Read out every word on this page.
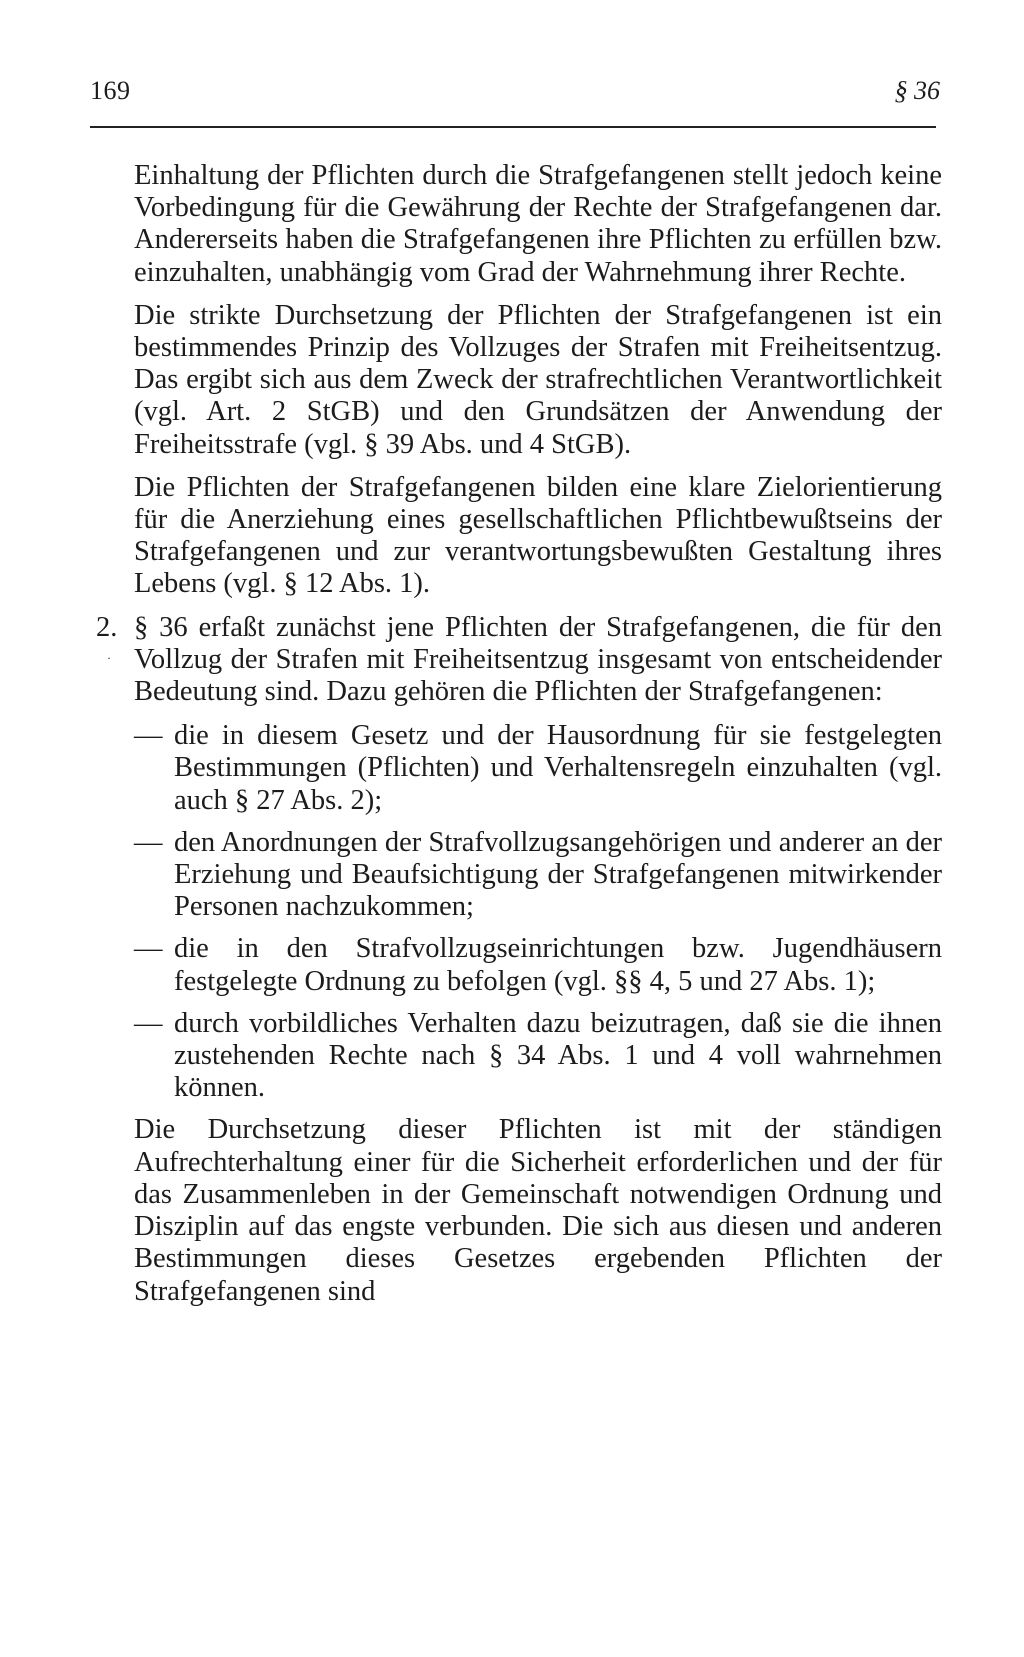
169	§ 36

Einhaltung der Pflichten durch die Strafgefangenen stellt jedoch keine Vorbedingung für die Gewährung der Rechte der Strafgefangenen dar. Andererseits haben die Strafgefangenen ihre Pflichten zu erfüllen bzw. einzuhalten, unabhängig vom Grad der Wahrnehmung ihrer Rechte.

Die strikte Durchsetzung der Pflichten der Strafgefangenen ist ein bestimmendes Prinzip des Vollzuges der Strafen mit Freiheitsentzug. Das ergibt sich aus dem Zweck der strafrechtlichen Verantwortlichkeit (vgl. Art. 2 StGB) und den Grundsätzen der Anwendung der Freiheitsstrafe (vgl. § 39 Abs. und 4 StGB).

Die Pflichten der Strafgefangenen bilden eine klare Zielorientierung für die Anerziehung eines gesellschaftlichen Pflichtbewußtseins der Strafgefangenen und zur verantwortungsbewußten Gestaltung ihres Lebens (vgl. § 12 Abs. 1).

2.
·
§ 36 erfaßt zunächst jene Pflichten der Strafgefangenen, die für den Vollzug der Strafen mit Freiheitsentzug insgesamt von entscheidender Bedeutung sind. Dazu gehören die Pflichten der Strafgefangenen:
— die in diesem Gesetz und der Hausordnung für sie festgelegten Bestimmungen (Pflichten) und Verhaltensregeln einzuhalten (vgl. auch § 27 Abs. 2);
— den Anordnungen der Strafvollzugsangehörigen und anderer an der Erziehung und Beaufsichtigung der Strafgefangenen mitwirkender Personen nachzukommen;
— die in den Strafvollzugseinrichtungen bzw. Jugendhäusern festgelegte Ordnung zu befolgen (vgl. §§ 4, 5 und 27 Abs. 1);
— durch vorbildliches Verhalten dazu beizutragen, daß sie die ihnen zustehenden Rechte nach § 34 Abs. 1 und 4 voll wahrnehmen können.

Die Durchsetzung dieser Pflichten ist mit der ständigen Aufrechterhaltung einer für die Sicherheit erforderlichen und der für das Zusammenleben in der Gemeinschaft notwendigen Ordnung und Disziplin auf das engste verbunden. Die sich aus diesen und anderen Bestimmungen dieses Gesetzes ergebenden Pflichten der Strafgefangenen sind
